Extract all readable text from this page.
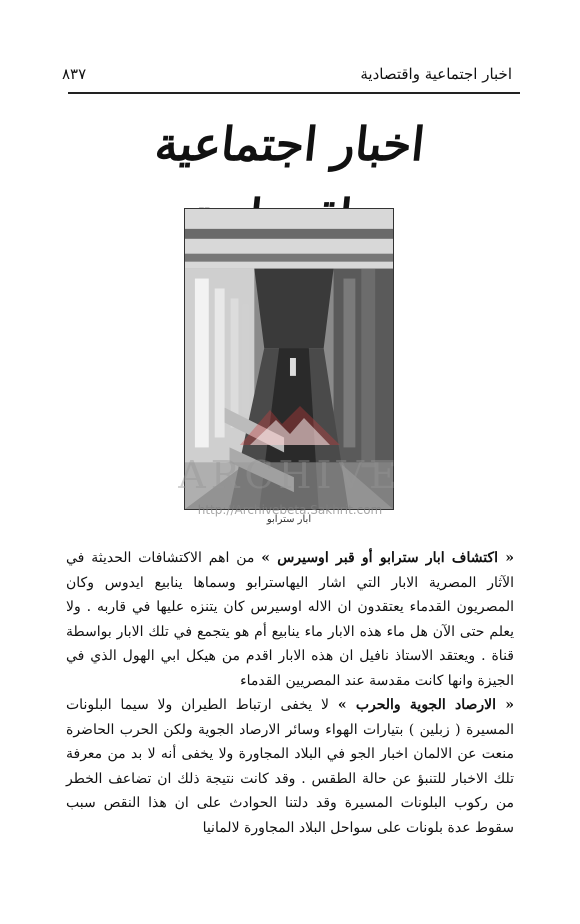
اخبار اجتماعية واقتصادية
٨٣٧
اخبار اجتماعية
ابار سترابو
ARCHIVE
http://Archivebeta.Sakhrit.com

« اكتشاف ابار سترابو أو قبر اوسيرس » من اهم الاكتشافات الحديثة في الآثار المصرية الابار التي اشار اليهاسترابو وسماها ينابيع ايدوس وكان المصريون القدماء يعتقدون ان الاله اوسيرس كان يتنزه عليها في قاربه . ولا يعلم حتى الآن هل ماء هذه الابار ماء ينابيع أم هو يتجمع في تلك الابار بواسطة قناة . ويعتقد الاستاذ نافيل ان هذه الابار اقدم من هيكل ابي الهول الذي في الجيزة وانها كانت مقدسة عند المصريين القدماء

« الارصاد الجوية والحرب » لا يخفى ارتباط الطيران ولا سيما البلونات المسيرة ( زبلين ) بتيارات الهواء وسائر الارصاد الجوية ولكن الحرب الحاضرة منعت عن الالمان اخبار الجو في البلاد المجاورة ولا يخفى أنه لا بد من معرفة تلك الاخبار للتنبؤ عن حالة الطقس . وقد كانت نتيجة ذلك ان تضاعف الخطر من ركوب البلونات المسيرة وقد دلتنا الحوادث على ان هذا النقص سبب سقوط عدة بلونات على سواحل البلاد المجاورة لالمانيا
